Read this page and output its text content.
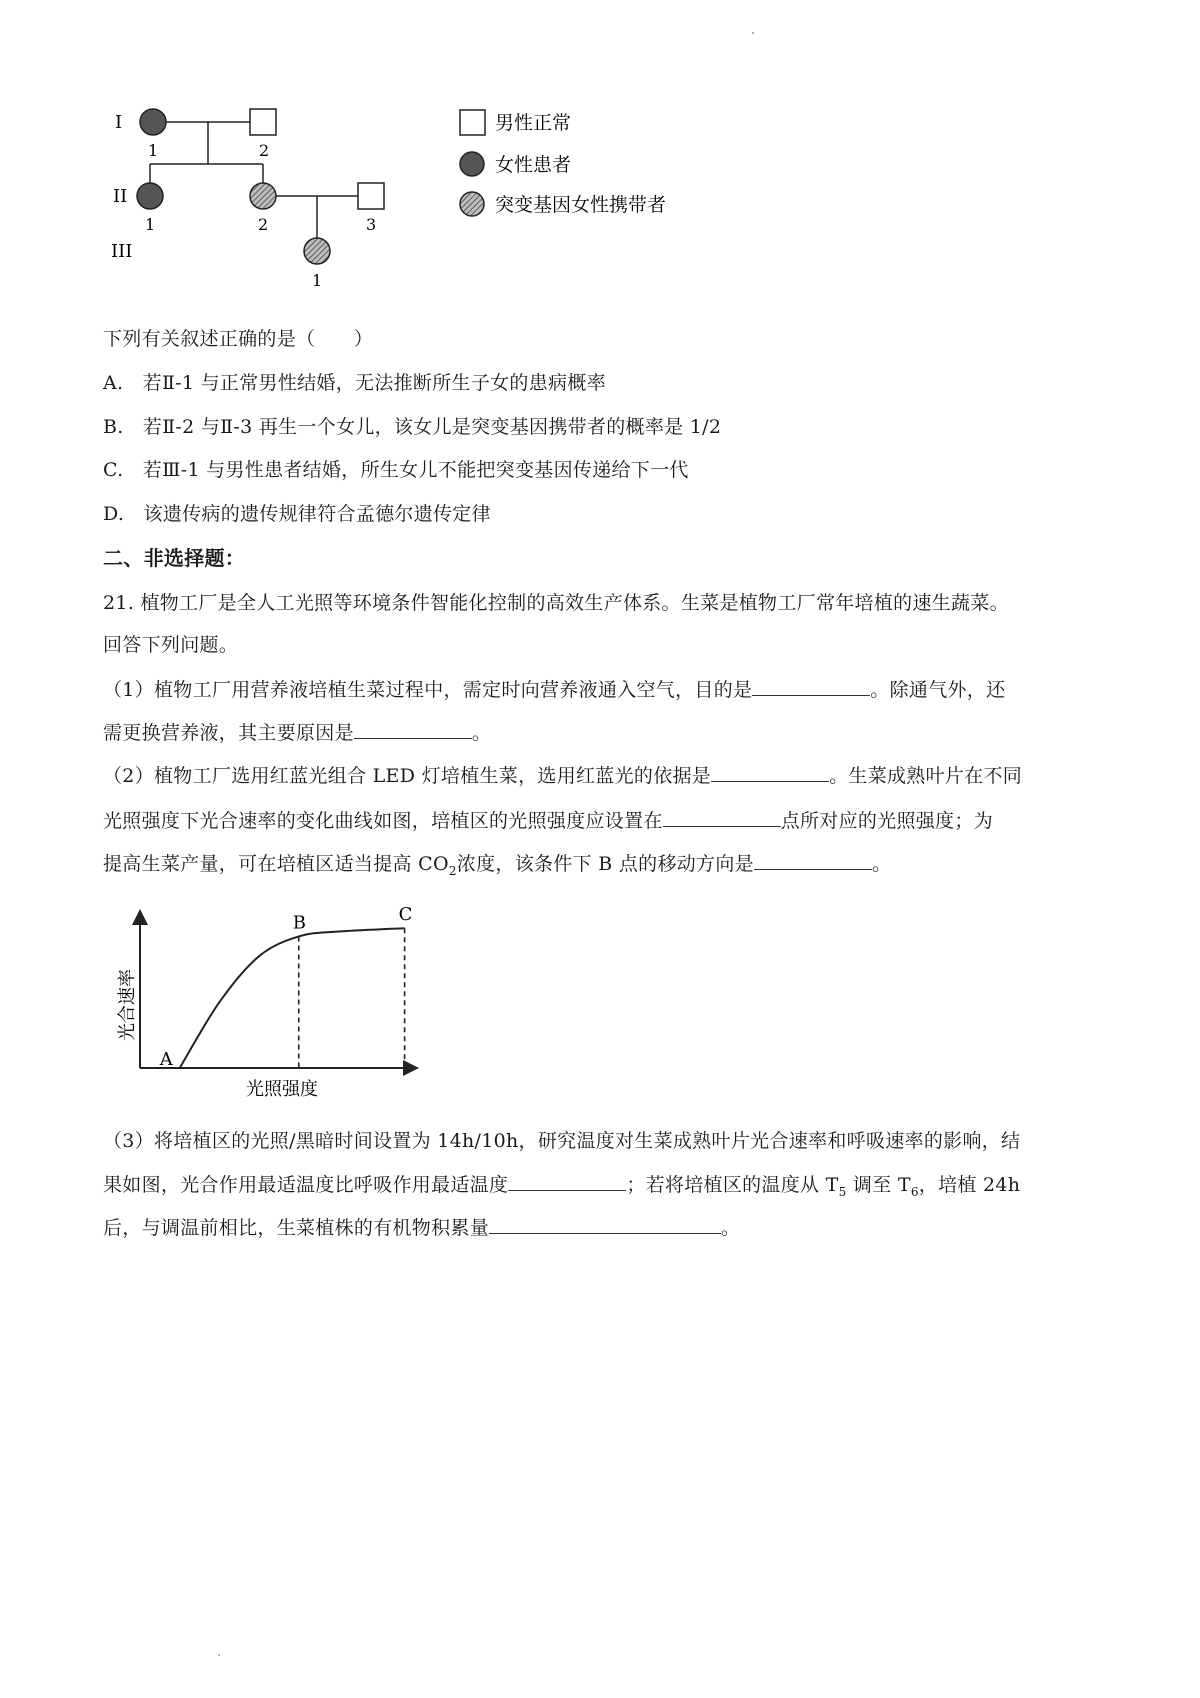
I
II
III
1	2
1	2	3
1
男性正常
女性患者
突变基因女性携带者
下列有关叙述正确的是（　　）
A.　若Ⅱ-1 与正常男性结婚，无法推断所生子女的患病概率
B.　若Ⅱ-2 与Ⅱ-3 再生一个女儿，该女儿是突变基因携带者的概率是 1/2
C.　若Ⅲ-1 与男性患者结婚，所生女儿不能把突变基因传递给下一代
D.　该遗传病的遗传规律符合孟德尔遗传定律
二、非选择题：
21. 植物工厂是全人工光照等环境条件智能化控制的高效生产体系。生菜是植物工厂常年培植的速生蔬菜。
回答下列问题。
（1）植物工厂用营养液培植生菜过程中，需定时向营养液通入空气，目的是	。除通气外，还
需更换营养液，其主要原因是	。
（2）植物工厂选用红蓝光组合 LED 灯培植生菜，选用红蓝光的依据是	。生菜成熟叶片在不同
光照强度下光合速率的变化曲线如图，培植区的光照强度应设置在	点所对应的光照强度；为
提高生菜产量，可在培植区适当提高 $CO_2$浓度，该条件下 B 点的移动方向是	。
光合速率
光照强度
A
B	C
（3）将培植区的光照/黑暗时间设置为 14h/10h，研究温度对生菜成熟叶片光合速率和呼吸速率的影响，结
果如图，光合作用最适温度比呼吸作用最适温度	；若将培植区的温度从 $T_5$ 调至 $T_6$，培植 24h
后，与调温前相比，生菜植株的有机物积累量	。
